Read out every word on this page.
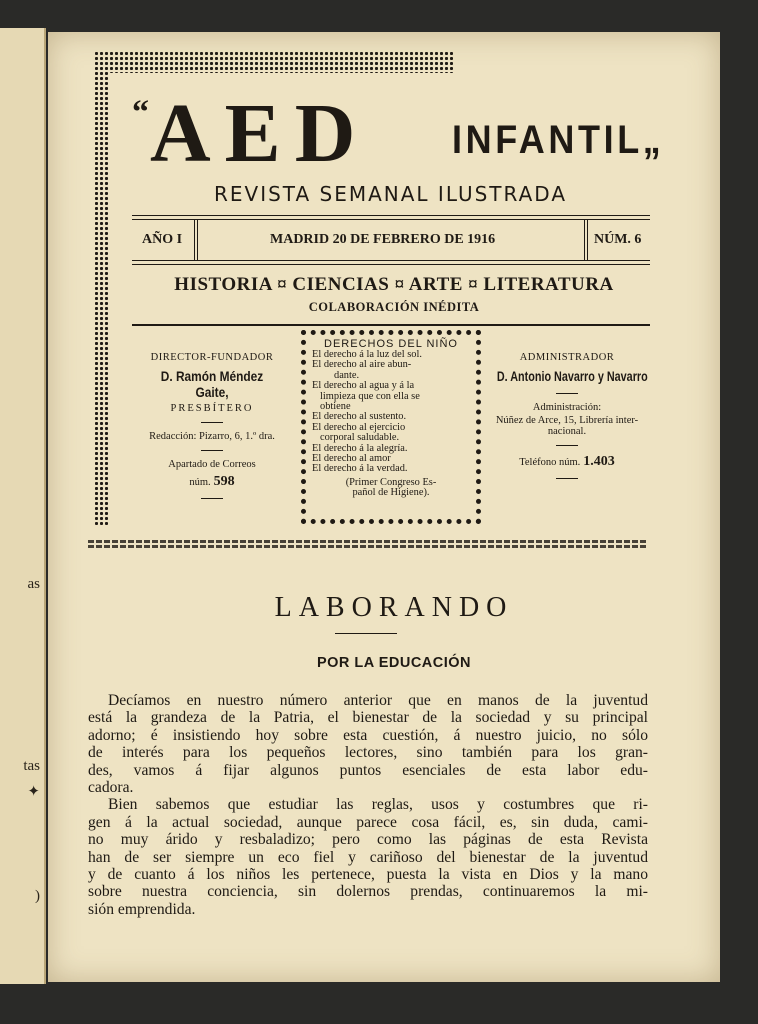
as
tas
✦
)
“ AED INFANTIL„
REVISTA SEMANAL ILUSTRADA
AÑO I	MADRID 20 DE FEBRERO DE 1916	NÚM. 6
HISTORIA ¤ CIENCIAS ¤ ARTE ¤ LITERATURA
COLABORACIÓN INÉDITA
DIRECTOR-FUNDADOR
D. Ramón Méndez Gaite,
PRESBÍTERO
Redacción: Pizarro, 6, 1.º dra.
Apartado de Correos
núm. 598
DERECHOS DEL NIÑO
El derecho á la luz del sol.
El derecho al aire abun-
dante.
El derecho al agua y á la
limpieza que con ella se
obtiene
El derecho al sustento.
El derecho al ejercicio
corporal saludable.
El derecho á la alegría.
El derecho al amor
El derecho á la verdad.
(Primer Congreso Es-
pañol de Higiene).
ADMINISTRADOR
D. Antonio Navarro y Navarro
Administración:
Núñez de Arce, 15, Librería inter-
nacional.
Teléfono núm. 1.403
LABORANDO
POR LA EDUCACIÓN
Decíamos en nuestro número anterior que en manos de la juventud
está la grandeza de la Patria, el bienestar de la sociedad y su principal
adorno; é insistiendo hoy sobre esta cuestión, á nuestro juicio, no sólo
de interés para los pequeños lectores, sino también para los gran-
des, vamos á fijar algunos puntos esenciales de esta labor edu-
cadora.
Bien sabemos que estudiar las reglas, usos y costumbres que ri-
gen á la actual sociedad, aunque parece cosa fácil, es, sin duda, cami-
no muy árido y resbaladizo; pero como las páginas de esta Revista
han de ser siempre un eco fiel y cariñoso del bienestar de la juventud
y de cuanto á los niños les pertenece, puesta la vista en Dios y la mano
sobre nuestra conciencia, sin dolernos prendas, continuaremos la mi-
sión emprendida.
